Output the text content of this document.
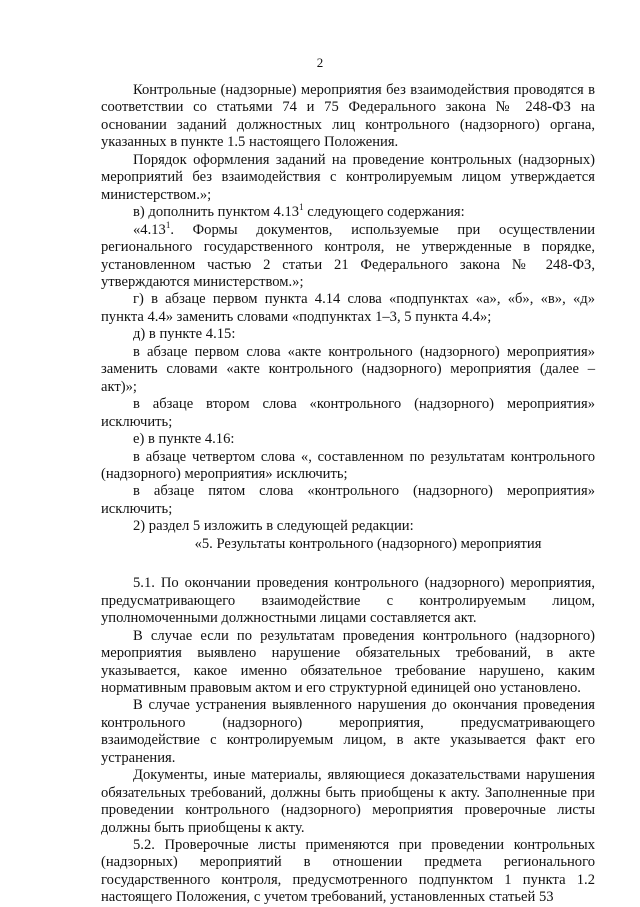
2

Контрольные (надзорные) мероприятия без взаимодействия проводятся в соответствии со статьями 74 и 75 Федерального закона № 248-ФЗ на основании заданий должностных лиц контрольного (надзорного) органа, указанных в пункте 1.5 настоящего Положения.

Порядок оформления заданий на проведение контрольных (надзорных) мероприятий без взаимодействия с контролируемым лицом утверждается министерством.»;

в) дополнить пунктом 4.13$^1$ следующего содержания:

«4.13$^1$. Формы документов, используемые при осуществлении регионального государственного контроля, не утвержденные в порядке, установленном частью 2 статьи 21 Федерального закона № 248-ФЗ, утверждаются министерством.»;

г) в абзаце первом пункта 4.14 слова «подпунктах «а», «б», «в», «д» пункта 4.4» заменить словами «подпунктах 1–3, 5 пункта 4.4»;

д) в пункте 4.15:

в абзаце первом слова «акте контрольного (надзорного) мероприятия» заменить словами «акте контрольного (надзорного) мероприятия (далее – акт)»;

в абзаце втором слова «контрольного (надзорного) мероприятия» исключить;

е) в пункте 4.16:

в абзаце четвертом слова «, составленном по результатам контрольного (надзорного) мероприятия» исключить;

в абзаце пятом слова «контрольного (надзорного) мероприятия» исключить;

2) раздел 5 изложить в следующей редакции:

«5. Результаты контрольного (надзорного) мероприятия

5.1. По окончании проведения контрольного (надзорного) мероприятия, предусматривающего взаимодействие с контролируемым лицом, уполномоченными должностными лицами составляется акт.

В случае если по результатам проведения контрольного (надзорного) мероприятия выявлено нарушение обязательных требований, в акте указывается, какое именно обязательное требование нарушено, каким нормативным правовым актом и его структурной единицей оно установлено.

В случае устранения выявленного нарушения до окончания проведения контрольного (надзорного) мероприятия, предусматривающего взаимодействие с контролируемым лицом, в акте указывается факт его устранения.

Документы, иные материалы, являющиеся доказательствами нарушения обязательных требований, должны быть приобщены к акту. Заполненные при проведении контрольного (надзорного) мероприятия проверочные листы должны быть приобщены к акту.

5.2. Проверочные листы применяются при проведении контрольных (надзорных) мероприятий в отношении предмета регионального государственного контроля, предусмотренного подпунктом 1 пункта 1.2 настоящего Положения, с учетом требований, установленных статьей 53
